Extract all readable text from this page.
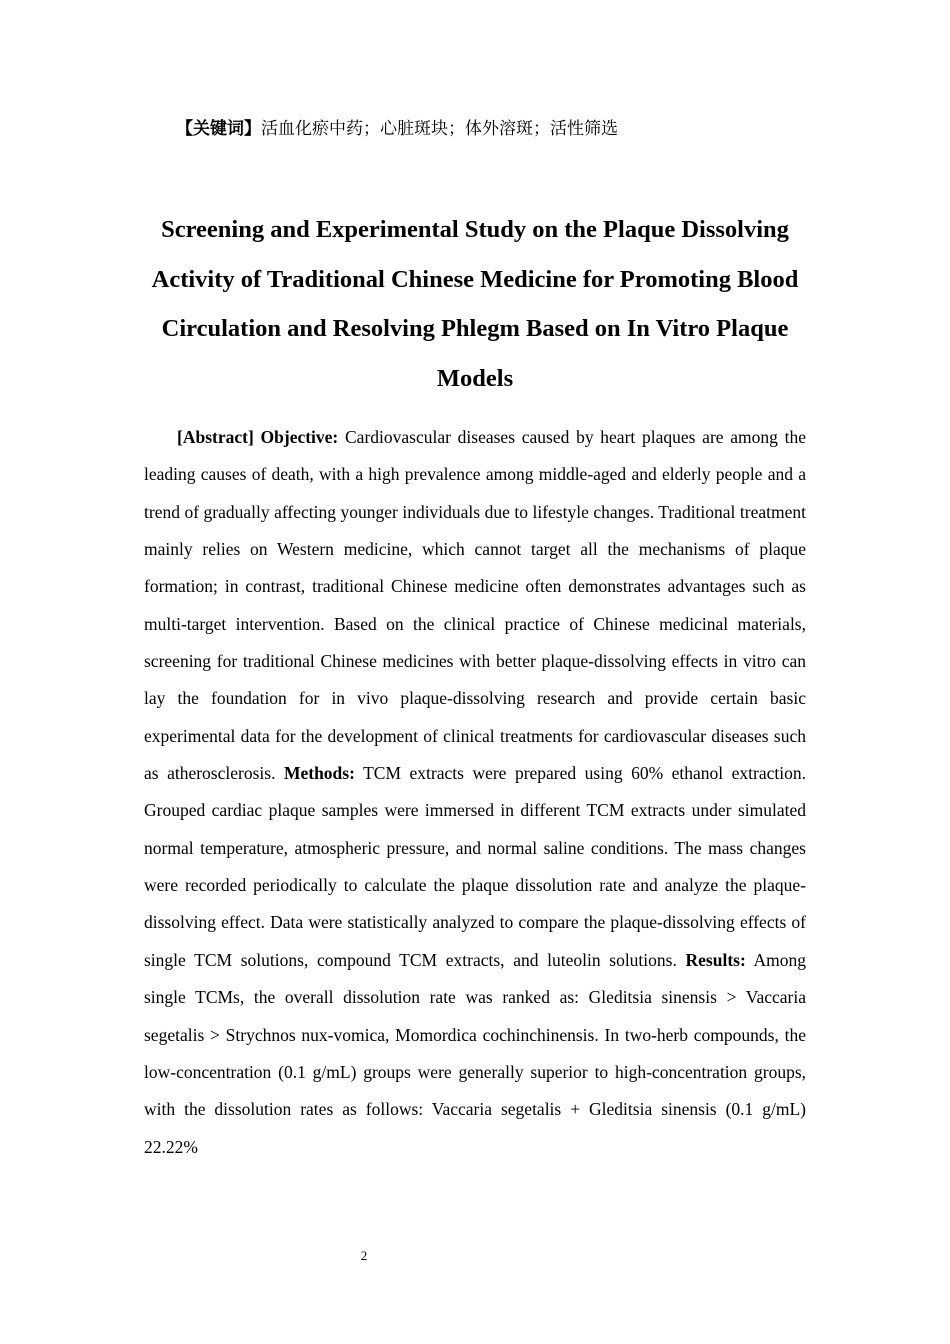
【关键词】活血化瘀中药；心脏斑块；体外溶斑；活性筛选
Screening and Experimental Study on the Plaque Dissolving Activity of Traditional Chinese Medicine for Promoting Blood Circulation and Resolving Phlegm Based on In Vitro Plaque Models

[Abstract] Objective: Cardiovascular diseases caused by heart plaques are among the leading causes of death, with a high prevalence among middle-aged and elderly people and a trend of gradually affecting younger individuals due to lifestyle changes. Traditional treatment mainly relies on Western medicine, which cannot target all the mechanisms of plaque formation; in contrast, traditional Chinese medicine often demonstrates advantages such as multi-target intervention. Based on the clinical practice of Chinese medicinal materials, screening for traditional Chinese medicines with better plaque-dissolving effects in vitro can lay the foundation for in vivo plaque-dissolving research and provide certain basic experimental data for the development of clinical treatments for cardiovascular diseases such as atherosclerosis. Methods: TCM extracts were prepared using 60% ethanol extraction. Grouped cardiac plaque samples were immersed in different TCM extracts under simulated normal temperature, atmospheric pressure, and normal saline conditions. The mass changes were recorded periodically to calculate the plaque dissolution rate and analyze the plaque-dissolving effect. Data were statistically analyzed to compare the plaque-dissolving effects of single TCM solutions, compound TCM extracts, and luteolin solutions. Results: Among single TCMs, the overall dissolution rate was ranked as: Gleditsia sinensis > Vaccaria segetalis > Strychnos nux-vomica, Momordica cochinchinensis. In two-herb compounds, the low-concentration (0.1 g/mL) groups were generally superior to high-concentration groups, with the dissolution rates as follows: Vaccaria segetalis + Gleditsia sinensis (0.1 g/mL) 22.22%

2
